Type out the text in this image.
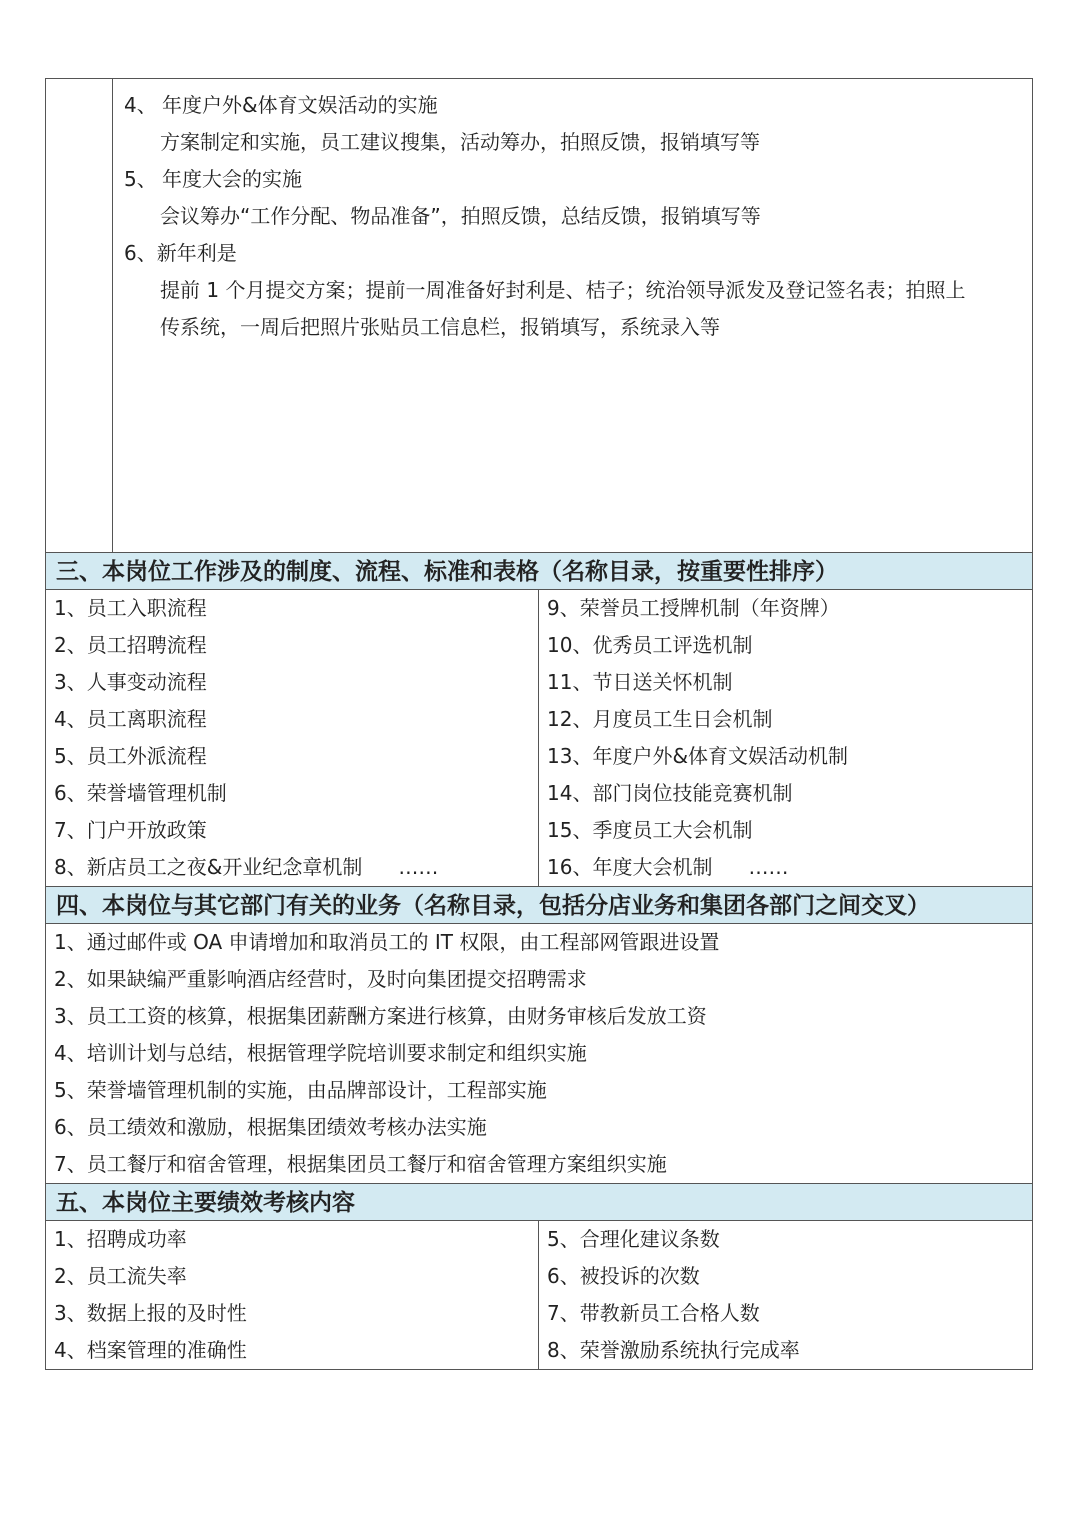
4、 年度户外&体育文娱活动的实施
方案制定和实施，员工建议搜集，活动筹办，拍照反馈，报销填写等
5、 年度大会的实施
会议筹办“工作分配、物品准备”，拍照反馈，总结反馈，报销填写等
6、新年利是
提前 1 个月提交方案；提前一周准备好封利是、桔子；统治领导派发及登记签名表；拍照上
传系统，一周后把照片张贴员工信息栏，报销填写，系统录入等
三、本岗位工作涉及的制度、流程、标准和表格（名称目录，按重要性排序）
1、员工入职流程
2、员工招聘流程
3、人事变动流程
4、员工离职流程
5、员工外派流程
6、荣誉墙管理机制
7、门户开放政策
8、新店员工之夜&开业纪念章机制 ……
9、荣誉员工授牌机制（年资牌）
10、优秀员工评选机制
11、节日送关怀机制
12、月度员工生日会机制
13、年度户外&体育文娱活动机制
14、部门岗位技能竞赛机制
15、季度员工大会机制
16、年度大会机制 ……
四、本岗位与其它部门有关的业务（名称目录，包括分店业务和集团各部门之间交叉）
1、通过邮件或 OA 申请增加和取消员工的 IT 权限，由工程部网管跟进设置
2、如果缺编严重影响酒店经营时，及时向集团提交招聘需求
3、员工工资的核算，根据集团薪酬方案进行核算，由财务审核后发放工资
4、培训计划与总结，根据管理学院培训要求制定和组织实施
5、荣誉墙管理机制的实施，由品牌部设计，工程部实施
6、员工绩效和激励，根据集团绩效考核办法实施
7、员工餐厅和宿舍管理，根据集团员工餐厅和宿舍管理方案组织实施
五、本岗位主要绩效考核内容
1、招聘成功率
2、员工流失率
3、数据上报的及时性
4、档案管理的准确性
5、合理化建议条数
6、被投诉的次数
7、带教新员工合格人数
8、荣誉激励系统执行完成率
